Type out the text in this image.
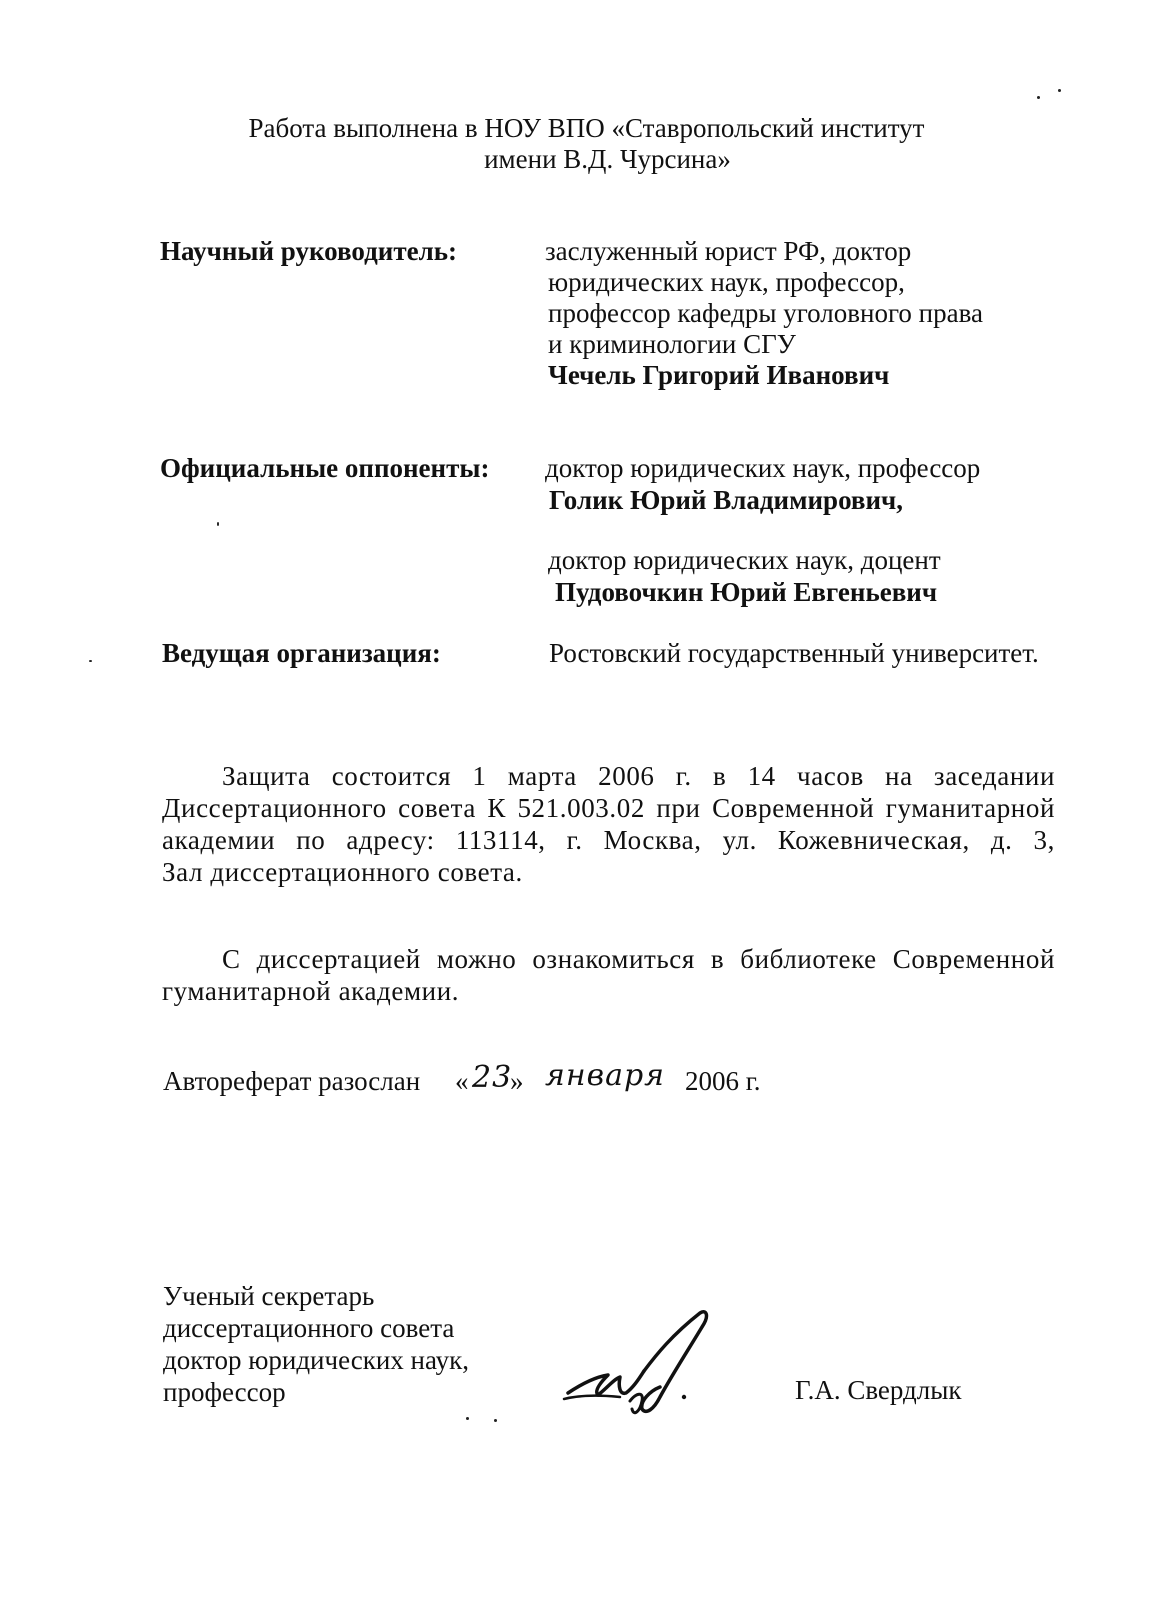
Работа выполнена в НОУ ВПО «Ставропольский институт
имени В.Д. Чурсина»
Научный руководитель:	заслуженный юрист РФ, доктор
юридических наук, профессор,
профессор кафедры уголовного права
и криминологии СГУ
Чечель Григорий Иванович
Официальные оппоненты: доктор юридических наук, профессор
Голик Юрий Владимирович,
доктор юридических наук, доцент
Пудовочкин Юрий Евгеньевич
Ведущая организация:	Ростовский государственный университет.
Защита состоится 1 марта 2006 г. в 14 часов на заседании
Диссертационного совета К 521.003.02 при Современной гуманитарной
академии по адресу: 113114, г. Москва, ул. Кожевническая, д. 3,
Зал диссертационного совета.
С диссертацией можно ознакомиться в библиотеке Современной
гуманитарной академии.
Автореферат разослан « 23
» января 2006 г.
Ученый секретарь
диссертационного совета
доктор юридических наук,
профессор	Г.А. Свердлык
